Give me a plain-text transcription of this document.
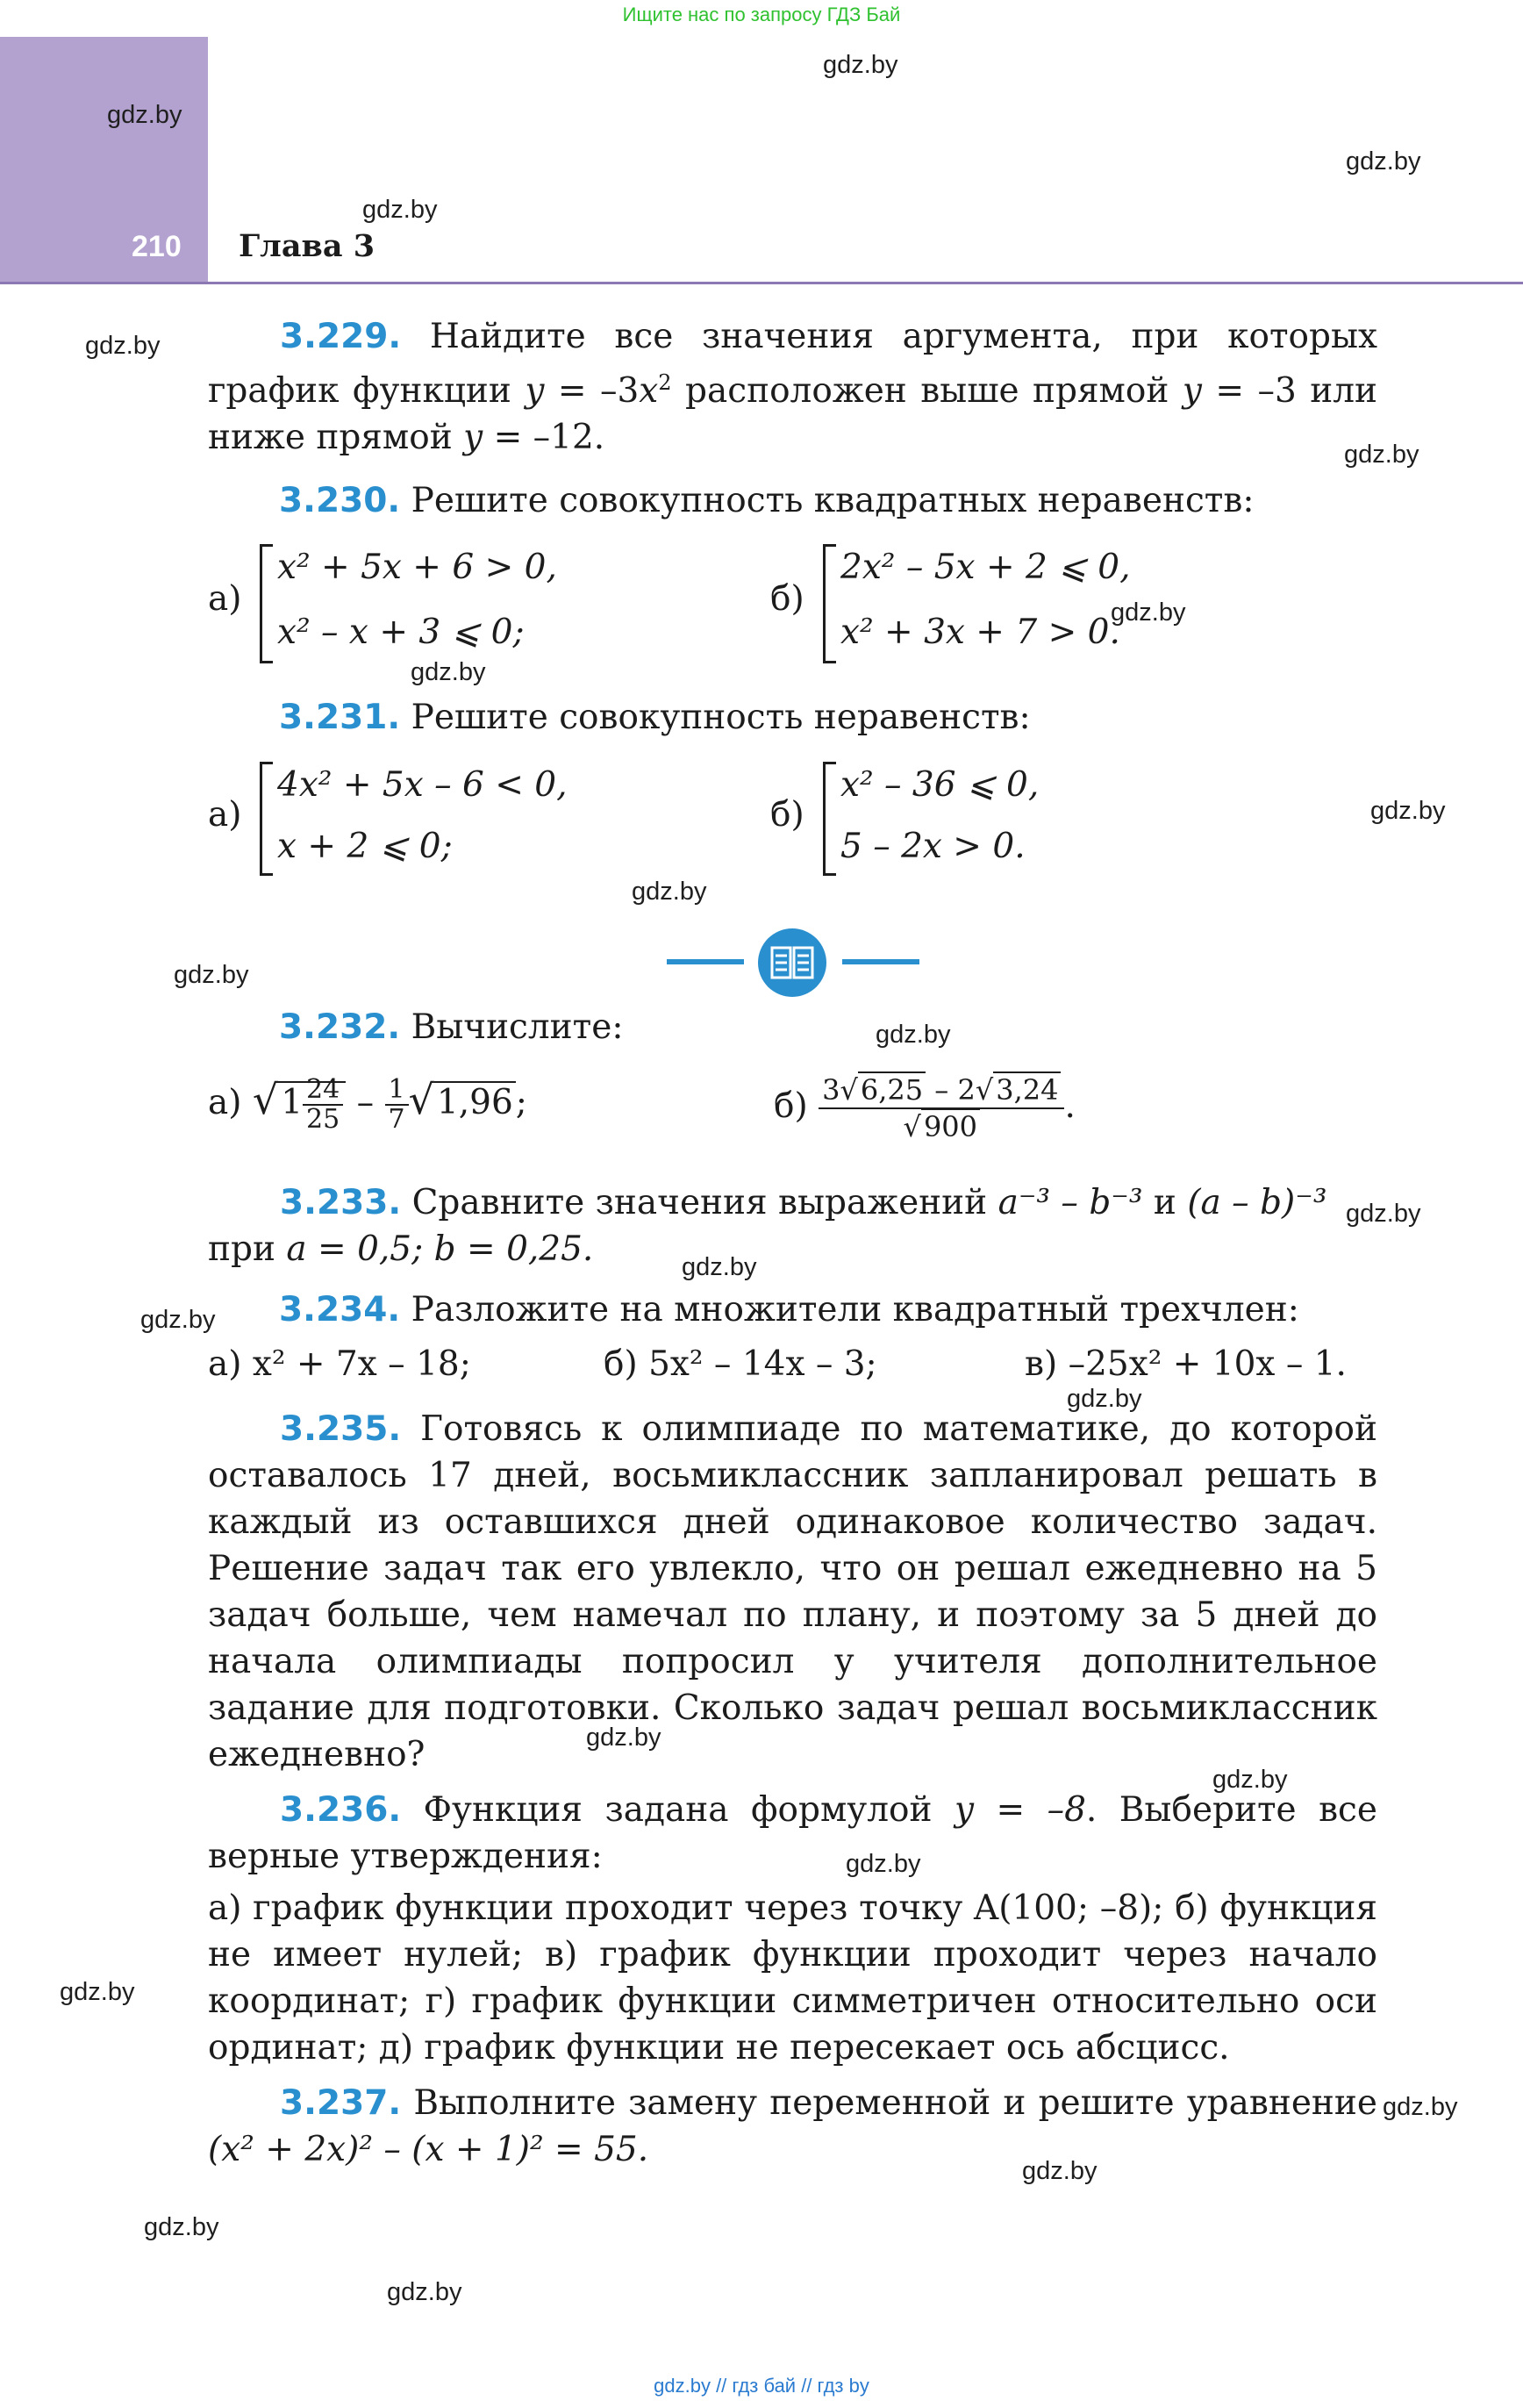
Ищите нас по запросу ГДЗ Бай
210 Глава 3
3.229. Найдите все значения аргумента, при которых график функции $y = -3x^2$ расположен выше прямой y = –3 или ниже прямой y = –12.
3.230. Решите совокупность квадратных неравенств:
а)
x² + 5x + 6 > 0,
x² – x + 3 ⩽ 0;
б)
2x² – 5x + 2 ⩽ 0,
x² + 3x + 7 > 0.
3.231. Решите совокупность неравенств:
а)
4x² + 5x – 6 < 0,
x + 2 ⩽ 0;
б)
x² – 36 ⩽ 0,
5 – 2x > 0.
3.232. Вычислите:
а) $√1 \frac{24}{25} - \frac{1}{7} √1,96$;	$б) \frac{3√6,25 - 2√3,24}{√900}$ .
3.233. Сравните значения выражений a⁻³ – b⁻³ и (a – b)⁻³
при a = 0,5; b = 0,25.
3.234. Разложите на множители квадратный трехчлен:
а) x² + 7x – 18;	б) 5x² – 14x – 3;	в) –25x² + 10x – 1.
3.235. Готовясь к олимпиаде по математике, до которой оставалось 17 дней, восьмиклассник запланировал решать в каждый из оставшихся дней одинаковое количество задач. Решение задач так его увлекло, что он решал ежедневно на 5 задач больше, чем намечал по плану, и поэтому за 5 дней до начала олимпиады попросил у учителя дополнительное задание для подготовки. Сколько задач решал восьмиклассник ежедневно?
3.236. Функция задана формулой y = –8. Выберите все верные утверждения:
а) график функции проходит через точку A(100; –8); б) функция не имеет нулей; в) график функции проходит через начало координат; г) график функции симметричен относительно оси ординат; д) график функции не пересекает ось абсцисс.
3.237. Выполните замену переменной и решите уравнение (x² + 2x)² – (x + 1)² = 55.
gdz.by
gdz.by
gdz.by
gdz.by
gdz.by
gdz.by
gdz.by
gdz.by
gdz.by
gdz.by
gdz.by
gdz.by
gdz.by
gdz.by
gdz.by
gdz.by
gdz.by
gdz.by
gdz.by
gdz.by
gdz.by
gdz.by
gdz.by
gdz.by
gdz.by // гдз бай // гдз by
